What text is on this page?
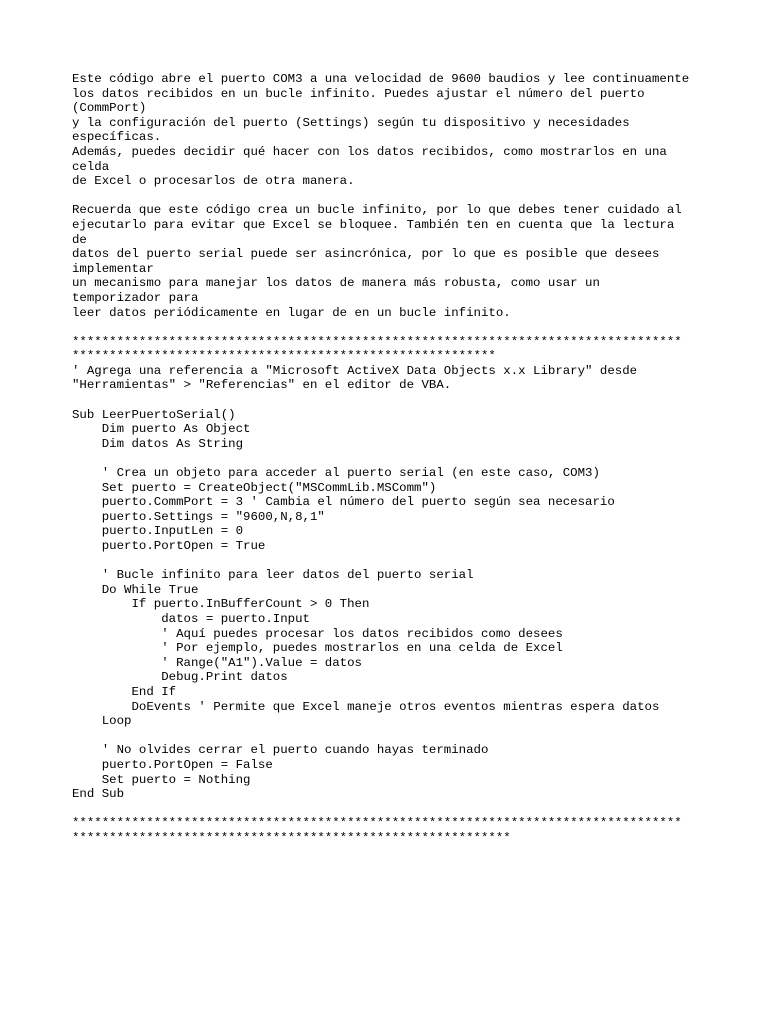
Este código abre el puerto COM3 a una velocidad de 9600 baudios y lee continuamente
los datos recibidos en un bucle infinito. Puedes ajustar el número del puerto
(CommPort)
y la configuración del puerto (Settings) según tu dispositivo y necesidades
específicas.
Además, puedes decidir qué hacer con los datos recibidos, como mostrarlos en una
celda
de Excel o procesarlos de otra manera.
Recuerda que este código crea un bucle infinito, por lo que debes tener cuidado al
ejecutarlo para evitar que Excel se bloquee. También ten en cuenta que la lectura
de
datos del puerto serial puede ser asincrónica, por lo que es posible que desees
implementar
un mecanismo para manejar los datos de manera más robusta, como usar un
temporizador para
leer datos periódicamente en lugar de en un bucle infinito.
**********************************************************************************
*********************************************************
' Agrega una referencia a "Microsoft ActiveX Data Objects x.x Library" desde
"Herramientas" > "Referencias" en el editor de VBA.
Sub LeerPuertoSerial()
Dim puerto As Object
Dim datos As String
' Crea un objeto para acceder al puerto serial (en este caso, COM3)
Set puerto = CreateObject("MSCommLib.MSComm")
puerto.CommPort = 3 ' Cambia el número del puerto según sea necesario
puerto.Settings = "9600,N,8,1"
puerto.InputLen = 0
puerto.PortOpen = True
' Bucle infinito para leer datos del puerto serial
Do While True
If puerto.InBufferCount > 0 Then
datos = puerto.Input
' Aquí puedes procesar los datos recibidos como desees
' Por ejemplo, puedes mostrarlos en una celda de Excel
' Range("A1").Value = datos
Debug.Print datos
End If
DoEvents ' Permite que Excel maneje otros eventos mientras espera datos
Loop
' No olvides cerrar el puerto cuando hayas terminado
puerto.PortOpen = False
Set puerto = Nothing
End Sub
**********************************************************************************
***********************************************************
